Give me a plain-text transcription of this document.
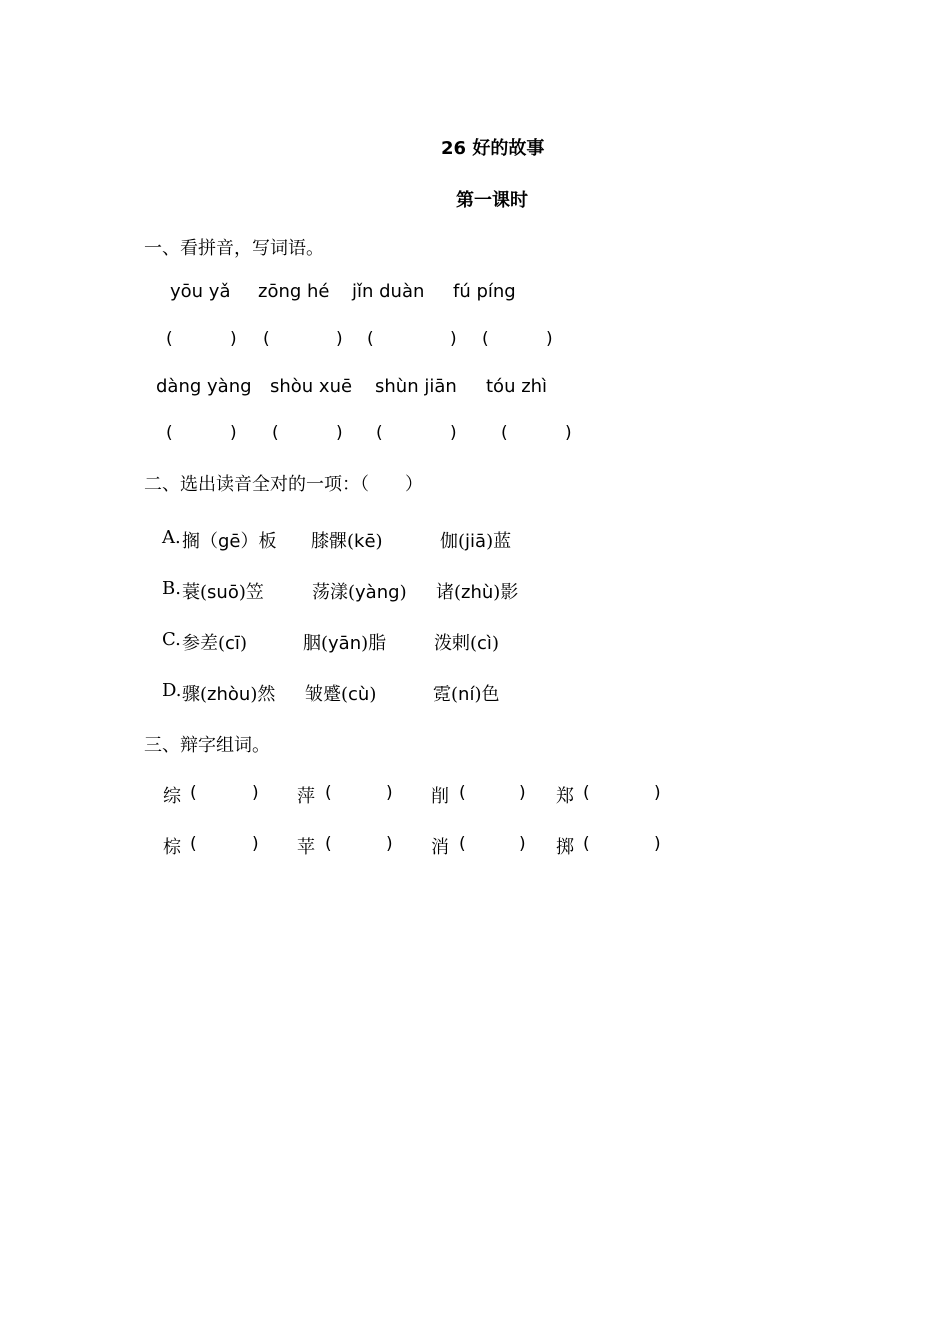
26 好的故事
第一课时
一、看拼音，写词语。
yōu yǎ zōng hé jǐn duàn fú píng
(	) (	) (	) (	)
dàng yàng shòu xuē shùn jiān tóu zhì
(	) (	) (	)	(	)
二、选出读音全对的一项：（　　）
A. 搁（gē）板 膝髁(kē)	伽(jiā)蓝
B. 蓑(suō)笠	荡漾(yàng) 诸(zhù)影
C. 参差(cī)	胭(yān)脂	泼剌(cì)
D. 骤(zhòu)然 皱蹙(cù)	霓(ní)色
三、辩字组词。
综 (	) 萍 (	) 削 (	) 郑 (	)
棕 (	) 苹 (	) 消 (	) 掷 (	)
